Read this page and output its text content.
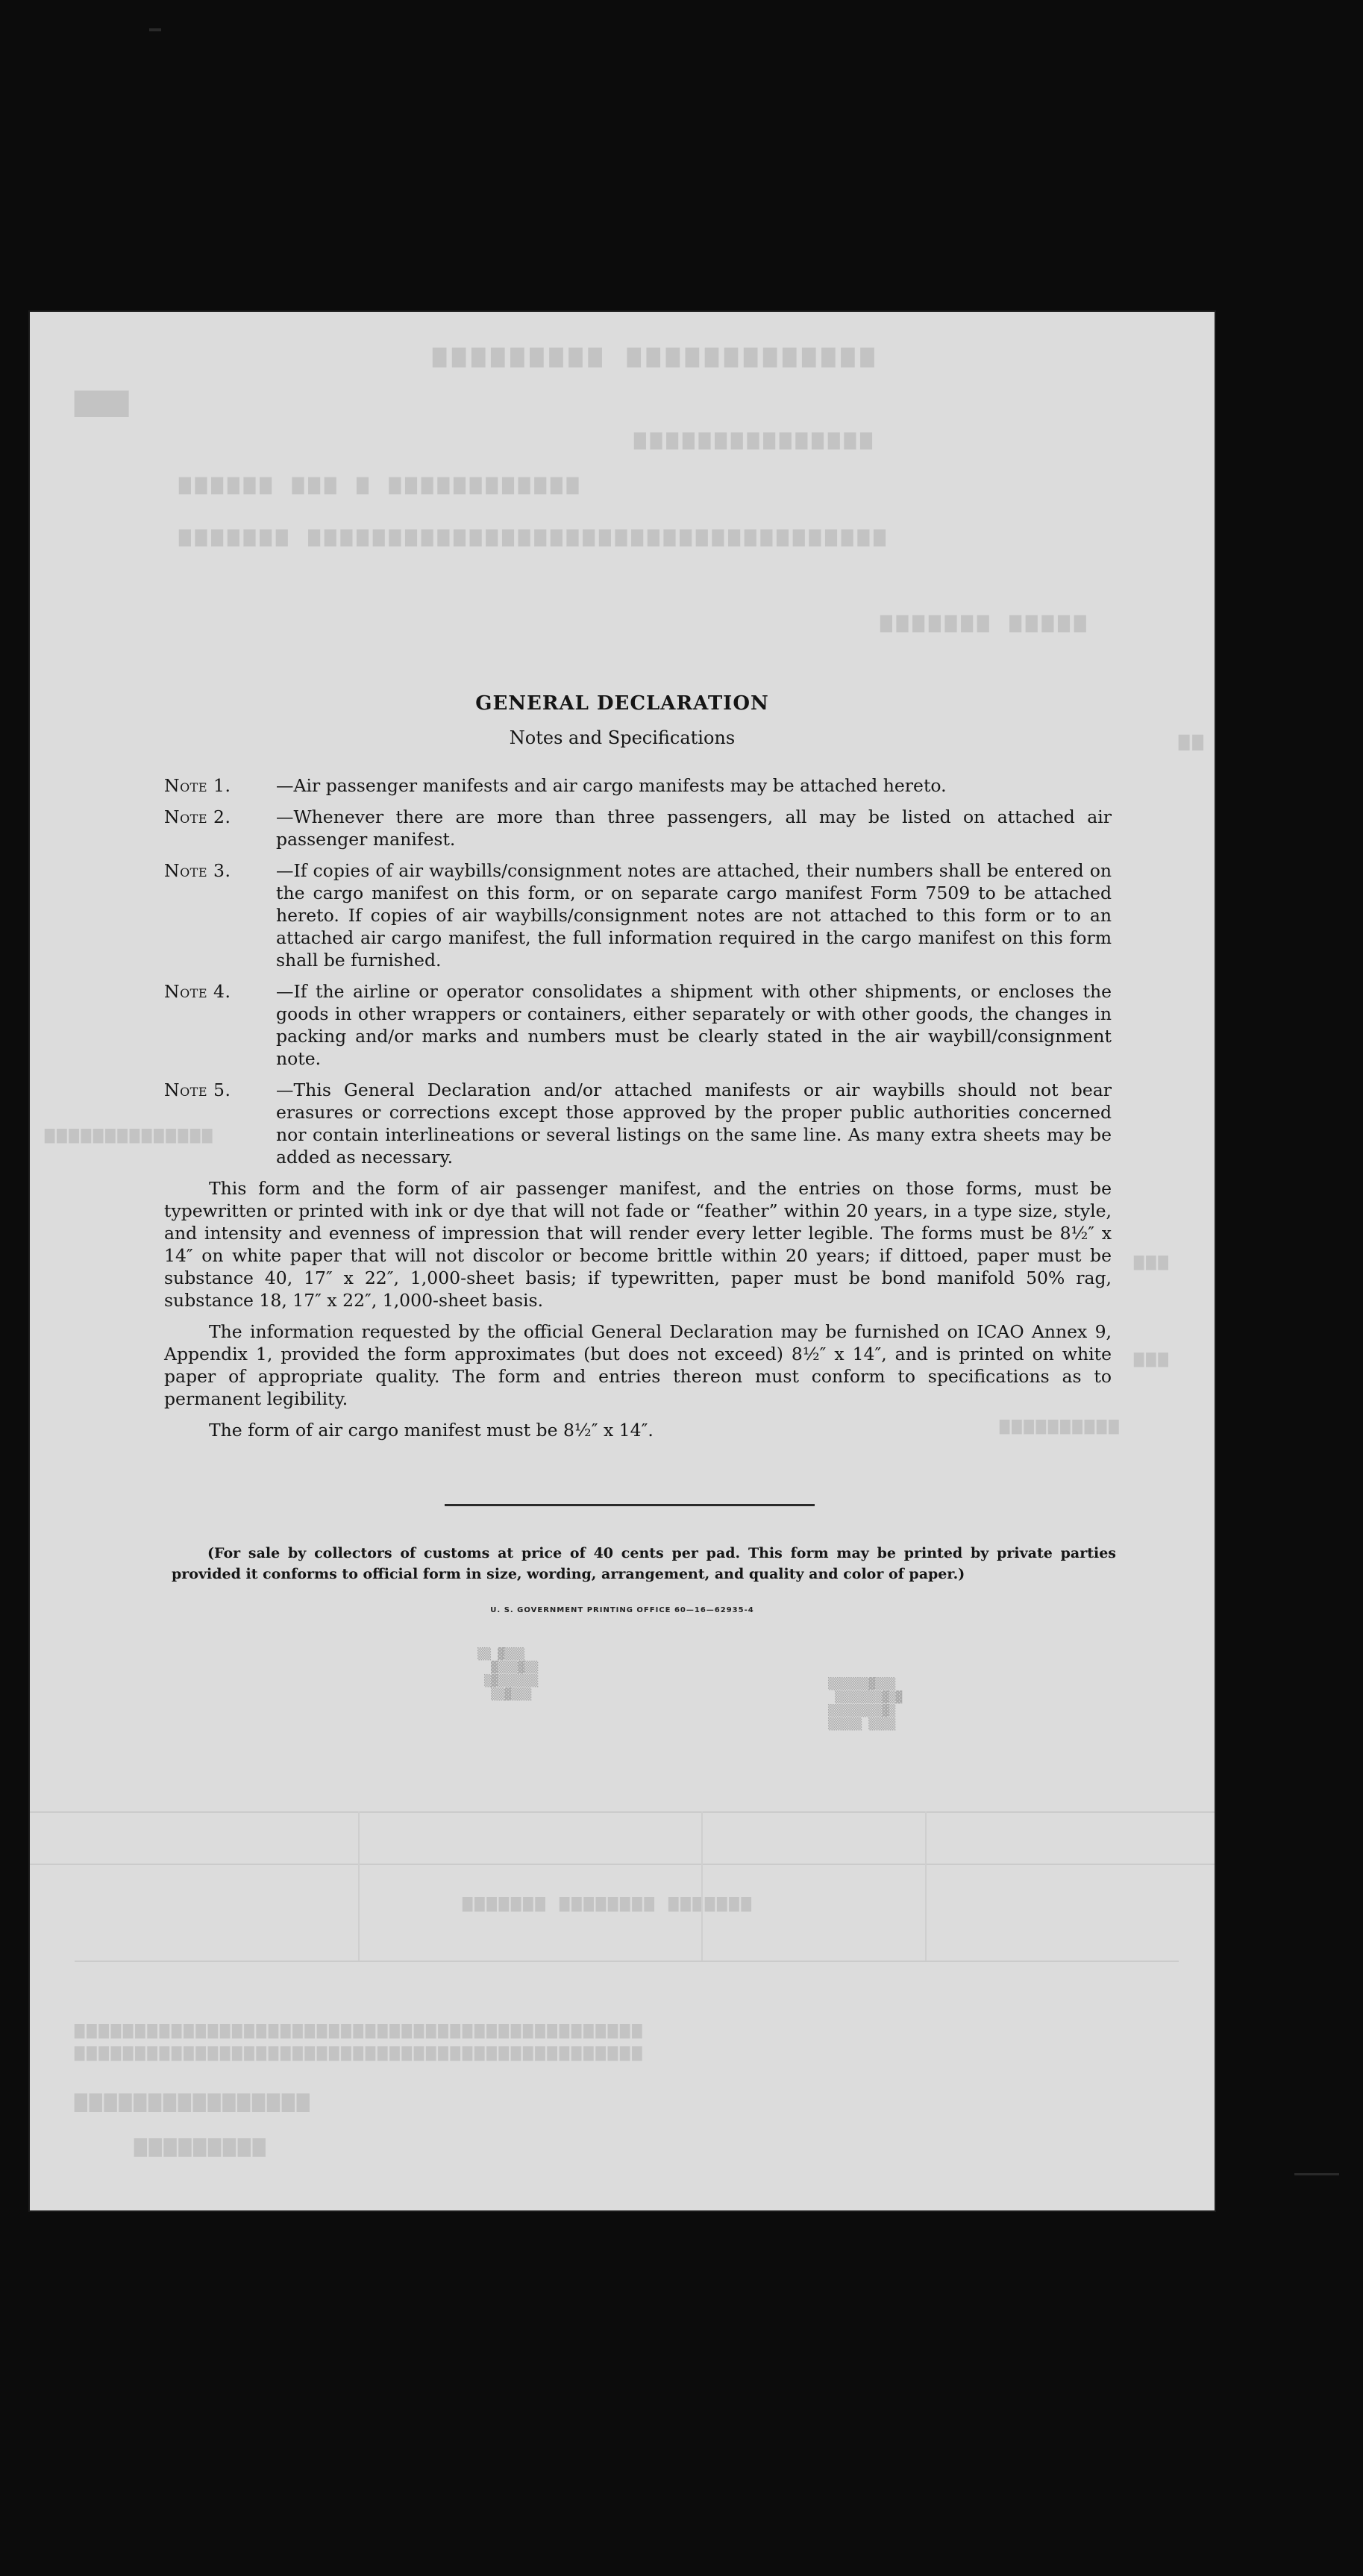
▆▆▆▆▆▆▆▆▆ ▆▆▆▆▆▆▆▆▆▆▆▆▆
▆▆▆
▆▆▆▆▆▆▆▆▆▆▆▆▆▆▆
▆▆▆▆▆▆ ▆▆▆ ▆ ▆▆▆▆▆▆▆▆▆▆▆▆
▆▆▆▆▆▆▆ ▆▆▆▆▆▆▆▆▆▆▆▆▆▆▆▆▆▆▆▆▆▆▆▆▆▆▆▆▆▆▆▆▆▆▆▆
▆▆▆▆▆▆▆ ▆▆▆▆▆
▆▆
▆▆▆▆▆▆▆▆▆▆▆▆▆▆
▆▆▆
▆▆▆
▆▆▆▆▆▆▆▆▆▆
▆▆▆▆▆▆▆ ▆▆▆▆▆▆▆▆ ▆▆▆▆▆▆▆
▆▆▆▆▆▆▆▆▆▆▆▆▆▆▆▆▆▆▆▆▆▆▆▆▆▆▆▆▆▆▆▆▆▆▆▆▆▆▆▆▆▆▆▆▆▆▆
▆▆▆▆▆▆▆▆▆▆▆▆▆▆▆▆▆▆▆▆▆▆▆▆▆▆▆▆▆▆▆▆▆▆▆▆▆▆▆▆▆▆▆▆▆▆▆
▆▆▆▆▆▆▆▆▆▆▆▆▆▆▆▆
▆▆▆▆▆▆▆▆▆
▒▒ ▓▒▒▒
▓▒▒▒▓▒▒
▒▓▒▒▒▒▒▒
▒▒▓▒▒▒
▒▒▒▒▒▒▓▒▒▒
▒▒▒▒▒▒▒▓▒▓
▒▒▒▒▒▒▒▒▓▒
▒▒▒▒▒ ▒▒▒▒
GENERAL DECLARATION
Notes and Specifications
Note 1.	—Air passenger manifests and air cargo manifests may be attached hereto.
Note 2.	—Whenever there are more than three passengers, all may be listed on attached air passenger manifest.
Note 3.	—If copies of air waybills/consignment notes are attached, their numbers shall be entered on the cargo manifest on this form, or on separate cargo manifest Form 7509 to be attached hereto. If copies of air waybills/consignment notes are not attached to this form or to an attached air cargo manifest, the full information required in the cargo manifest on this form shall be furnished.
Note 4.	—If the airline or operator consolidates a shipment with other shipments, or encloses the goods in other wrappers or containers, either separately or with other goods, the changes in packing and/or marks and numbers must be clearly stated in the air waybill/consignment note.
Note 5.	—This General Declaration and/or attached manifests or air waybills should not bear erasures or corrections except those approved by the proper public authorities concerned nor contain interlineations or several listings on the same line. As many extra sheets may be added as necessary.

This form and the form of air passenger manifest, and the entries on those forms, must be typewritten or printed with ink or dye that will not fade or “feather” within 20 years, in a type size, style, and intensity and evenness of impression that will render every letter legible. The forms must be 8½″ x 14″ on white paper that will not discolor or become brittle within 20 years; if dittoed, paper must be substance 40, 17″ x 22″, 1,000-sheet basis; if typewritten, paper must be bond manifold 50% rag, substance 18, 17″ x 22″, 1,000-sheet basis.

The information requested by the official General Declaration may be furnished on ICAO Annex 9, Appendix 1, provided the form approximates (but does not exceed) 8½″ x 14″, and is printed on white paper of appropriate quality. The form and entries thereon must conform to specifications as to permanent legibility.

The form of air cargo manifest must be 8½″ x 14″.

(For sale by collectors of customs at price of 40 cents per pad. This form may be printed by private parties provided it conforms to official form in size, wording, arrangement, and quality and color of paper.)
U. S. GOVERNMENT PRINTING OFFICE 60—16—62935-4
